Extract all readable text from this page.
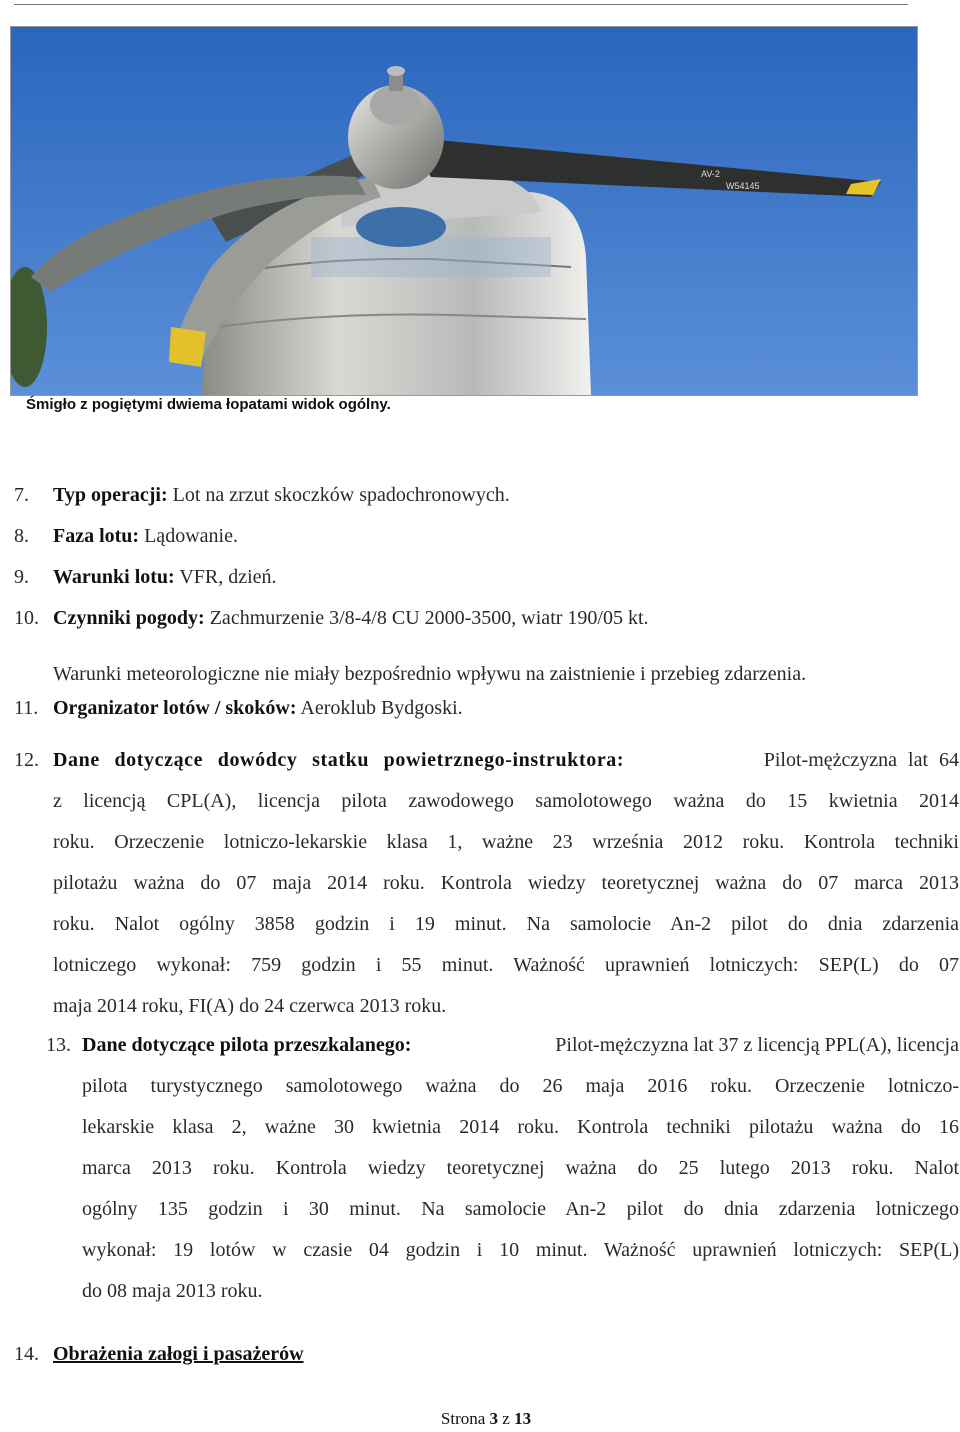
AV-2
W54145
Śmigło z pogiętymi dwiema łopatami widok ogólny.
7. Typ operacji: Lot na zrzut skoczków spadochronowych.
8. Faza lotu: Lądowanie.
9. Warunki lotu: VFR, dzień.
10. Czynniki pogody: Zachmurzenie 3/8-4/8 CU 2000-3500, wiatr 190/05 kt.
Warunki meteorologiczne nie miały bezpośrednio wpływu na zaistnienie i przebieg zdarzenia.
11. Organizator lotów / skoków: Aeroklub Bydgoski.
12. Dane dotyczące dowódcy statku powietrznego-instruktora:	Pilot-mężczyzna lat 64
z licencją CPL(A), licencja pilota zawodowego samolotowego ważna do 15 kwietnia 2014
roku. Orzeczenie lotniczo-lekarskie klasa 1, ważne 23 września 2012 roku. Kontrola techniki
pilotażu ważna do 07 maja 2014 roku. Kontrola wiedzy teoretycznej ważna do 07 marca 2013
roku. Nalot ogólny 3858 godzin i 19 minut. Na samolocie An-2 pilot do dnia zdarzenia
lotniczego wykonał: 759 godzin i 55 minut. Ważność uprawnień lotniczych: SEP(L) do 07
maja 2014 roku, FI(A) do 24 czerwca 2013 roku.
13. Dane dotyczące pilota przeszkalanego:	Pilot-mężczyzna lat 37 z licencją PPL(A), licencja
pilota turystycznego samolotowego ważna do 26 maja 2016 roku. Orzeczenie lotniczo-
lekarskie klasa 2, ważne 30 kwietnia 2014 roku. Kontrola techniki pilotażu ważna do 16
marca 2013 roku. Kontrola wiedzy teoretycznej ważna do 25 lutego 2013 roku. Nalot
ogólny 135 godzin i 30 minut. Na samolocie An-2 pilot do dnia zdarzenia lotniczego
wykonał: 19 lotów w czasie 04 godzin i 10 minut. Ważność uprawnień lotniczych: SEP(L)
do 08 maja 2013 roku.
14. Obrażenia załogi i pasażerów
Strona 3 z 13
